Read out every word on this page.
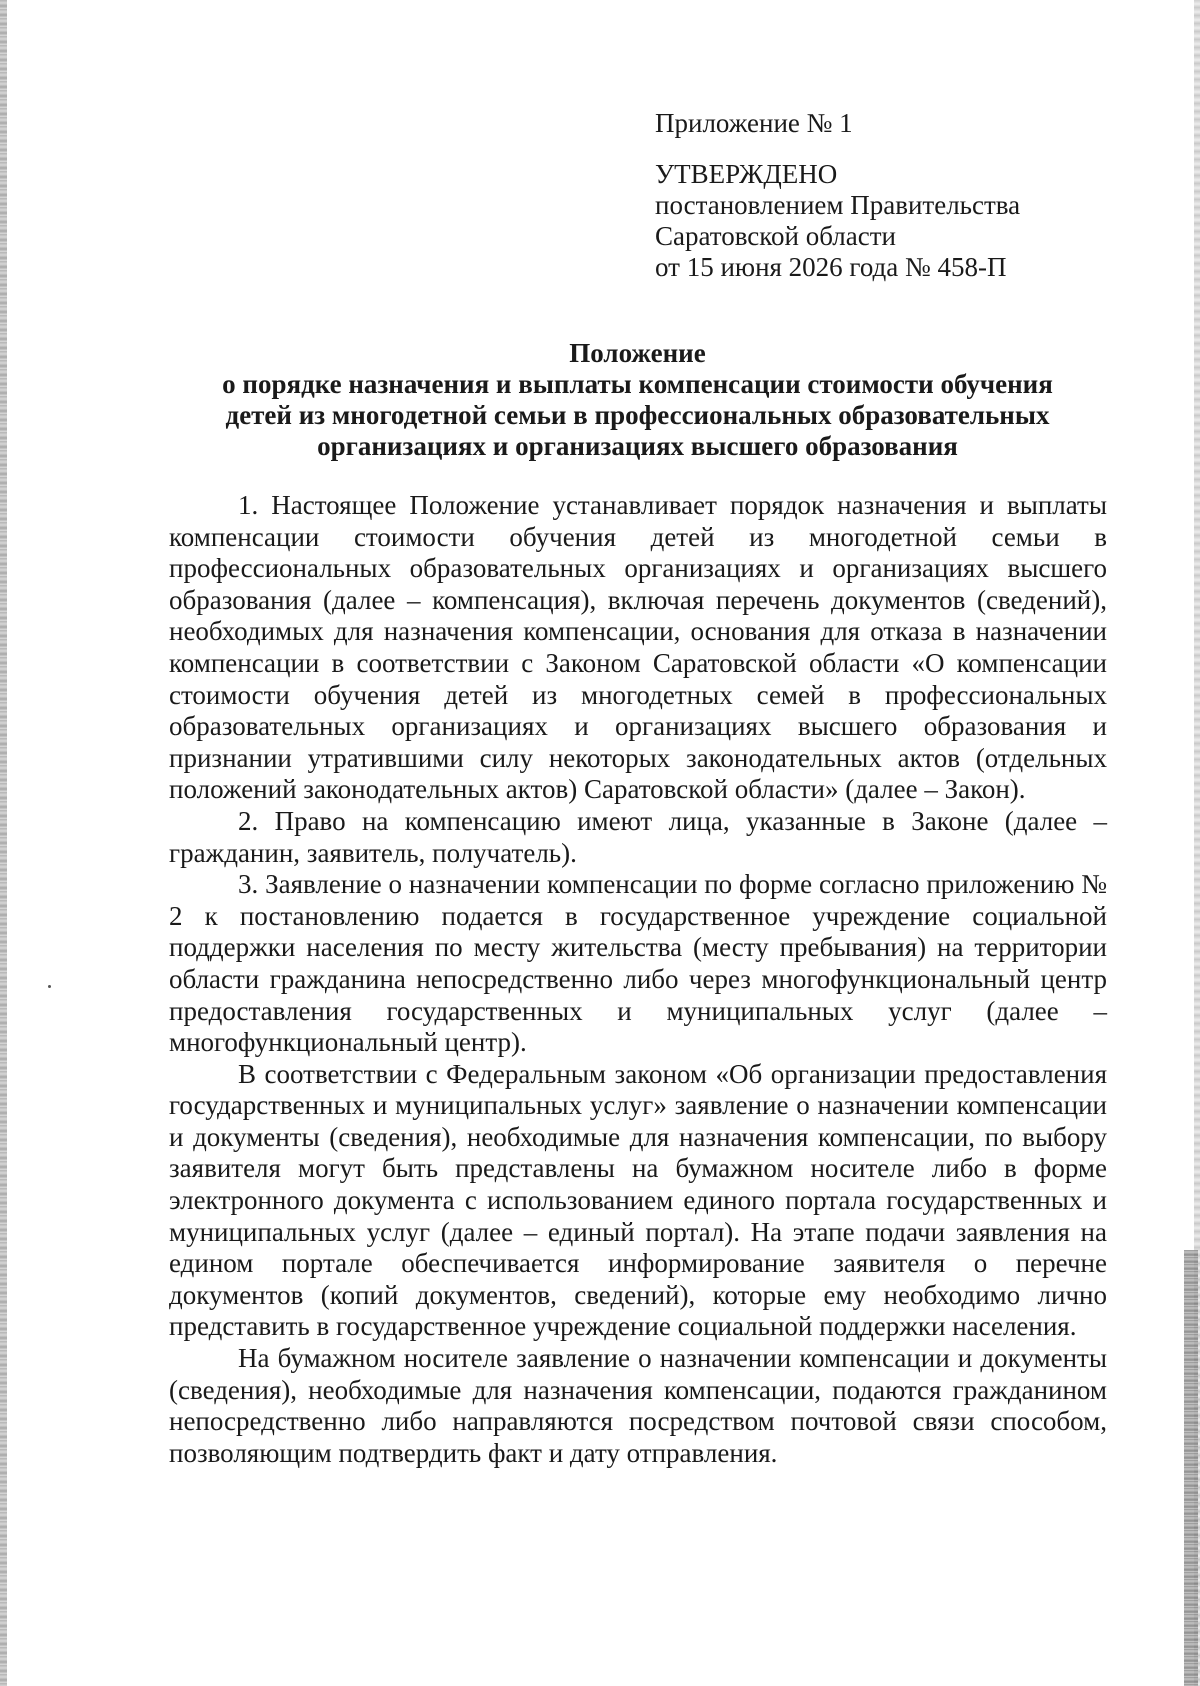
Приложение № 1
УТВЕРЖДЕНО
постановлением Правительства
Саратовской области
от 15 июня 2026 года № 458-П
Положение
о порядке назначения и выплаты компенсации стоимости обучения
детей из многодетной семьи в профессиональных образовательных
организациях и организациях высшего образования

1. Настоящее Положение устанавливает порядок назначения и выплаты компенсации стоимости обучения детей из многодетной семьи в профессиональных образовательных организациях и организациях высшего образования (далее – компенсация), включая перечень документов (сведений), необходимых для назначения компенсации, основания для отказа в назначении компенсации в соответствии с Законом Саратовской области «О компенсации стоимости обучения детей из многодетных семей в профессиональных образовательных организациях и организациях высшего образования и признании утратившими силу некоторых законодательных актов (отдельных положений законодательных актов) Саратовской области» (далее – Закон).

2. Право на компенсацию имеют лица, указанные в Законе (далее – гражданин, заявитель, получатель).

3. Заявление о назначении компенсации по форме согласно приложению № 2 к постановлению подается в государственное учреждение социальной поддержки населения по месту жительства (месту пребывания) на территории области гражданина непосредственно либо через многофункциональный центр предоставления государственных и муниципальных услуг (далее – многофункциональный центр).

В соответствии с Федеральным законом «Об организации предоставления государственных и муниципальных услуг» заявление о назначении компенсации и документы (сведения), необходимые для назначения компенсации, по выбору заявителя могут быть представлены на бумажном носителе либо в форме электронного документа с использованием единого портала государственных и муниципальных услуг (далее – единый портал). На этапе подачи заявления на едином портале обеспечивается информирование заявителя о перечне документов (копий документов, сведений), которые ему необходимо лично представить в государственное учреждение социальной поддержки населения.

На бумажном носителе заявление о назначении компенсации и документы (сведения), необходимые для назначения компенсации, подаются гражданином непосредственно либо направляются посредством почтовой связи способом, позволяющим подтвердить факт и дату отправления.
